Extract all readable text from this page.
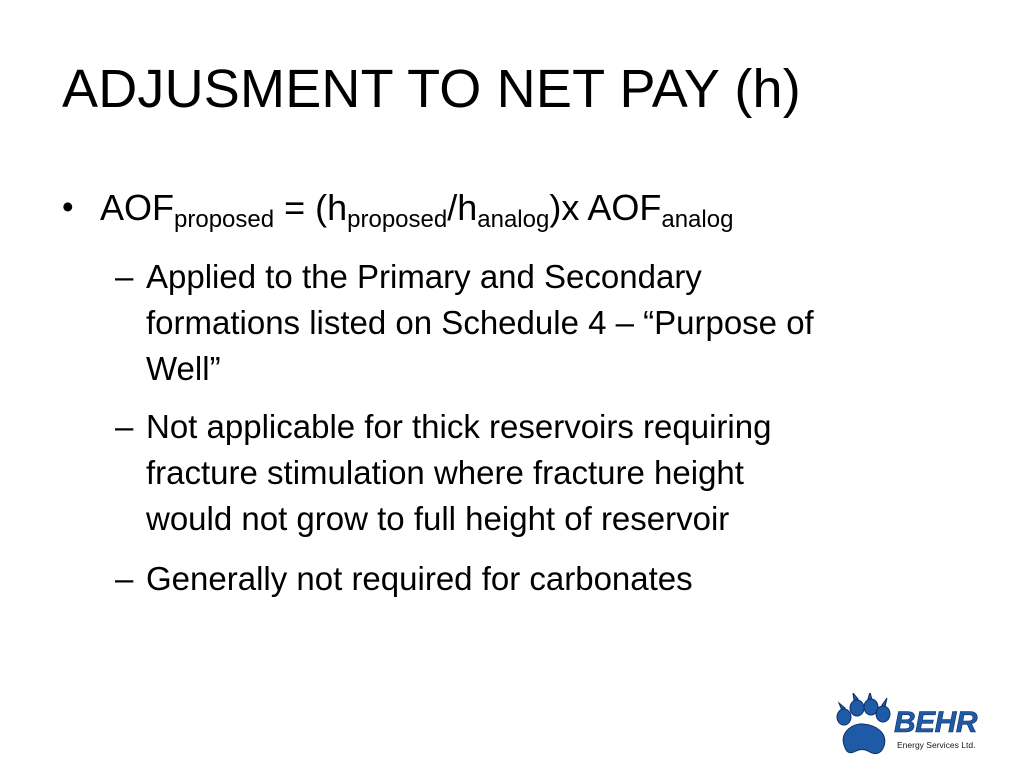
ADJUSMENT TO NET PAY (h)
• $AOF_{proposed} = (h_{proposed}/h_{analog})x$ $AOF_{analog}$
– Applied to the Primary and Secondary
formations listed on Schedule 4 – “Purpose of
Well”
– Not applicable for thick reservoirs requiring
fracture stimulation where fracture height
would not grow to full height of reservoir
– Generally not required for carbonates
BEHR
Energy Services Ltd.
